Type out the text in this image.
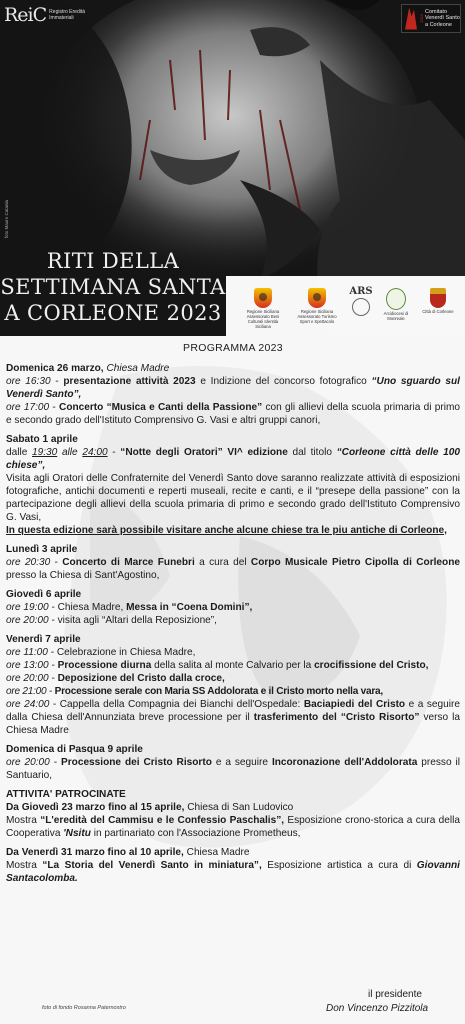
ReiC Registro Eredità Immateriali	2023
Comitato
Venerdì Santo
a Corleone
foto Mauro Catania
RITI DELLA
SETTIMANA SANTA
A CORLEONE 2023	Regione Siciliana Assessorato Beni Culturali Identità Siciliana
Regione Siciliana Assessorato Turismo Sport e Spettacolo
ARS
Arcidiocesi di Monreale
Città di Corleone
PROGRAMMA 2023
Domenica 26 marzo, Chiesa Madre
ore 16:30 - presentazione attività 2023 e Indizione del concorso fotografico “Uno sguardo sul Venerdì Santo”,
ore 17:00 - Concerto “Musica e Canti della Passione” con gli allievi della scuola primaria di primo e secondo grado dell'Istituto Comprensivo G. Vasi e altri gruppi canori,
Sabato 1 aprile
dalle 19:30 alle 24:00 - “Notte degli Oratori” VI^ edizione dal titolo “Corleone città delle 100 chiese”,
Visita agli Oratori delle Confraternite del Venerdì Santo dove saranno realizzate attività di esposizioni fotografiche, antichi documenti e reperti museali, recite e canti, e il “presepe della passione” con la partecipazione degli allievi della scuola primaria di primo e secondo grado dell'Istituto Comprensivo G. Vasi,
In questa edizione sarà possibile visitare anche alcune chiese tra le piu antiche di Corleone,
Lunedì 3 aprile
ore 20:30 - Concerto di Marce Funebri a cura del Corpo Musicale Pietro Cipolla di Corleone presso la Chiesa di Sant'Agostino,
Giovedì 6 aprile
ore 19:00 - Chiesa Madre, Messa in “Coena Domini”,
ore 20:00 - visita agli “Altari della Reposizione”,
Venerdì 7 aprile
ore 11:00 - Celebrazione in Chiesa Madre,
ore 13:00 - Processione diurna della salita al monte Calvario per la crocifissione del Cristo,
ore 20:00 - Deposizione del Cristo dalla croce,
ore 21:00 - Processione serale con Maria SS Addolorata e il Cristo morto nella vara,
ore 24:00 - Cappella della Compagnia dei Bianchi dell'Ospedale: Baciapiedi del Cristo e a seguire dalla Chiesa dell'Annunziata breve processione per il trasferimento del “Cristo Risorto” verso la Chiesa Madre
Domenica di Pasqua 9 aprile
ore 20:00 - Processione dei Cristo Risorto e a seguire Incoronazione dell'Addolorata presso il Santuario,
ATTIVITA' PATROCINATE
Da Giovedì 23 marzo fino al 15 aprile, Chiesa di San Ludovico
Mostra “L'eredità del Cammisu e le Confessio Paschalis”, Esposizione crono-storica a cura della Cooperativa 'Nsitu in partinariato con l'Associazione Prometheus,
Da Venerdì 31 marzo fino al 10 aprile, Chiesa Madre
Mostra “La Storia del Venerdì Santo in miniatura”, Esposizione artistica a cura di Giovanni Santacolomba.
foto di fondo Rosanna Paternostro
il presidente
Don Vincenzo Pizzitola
